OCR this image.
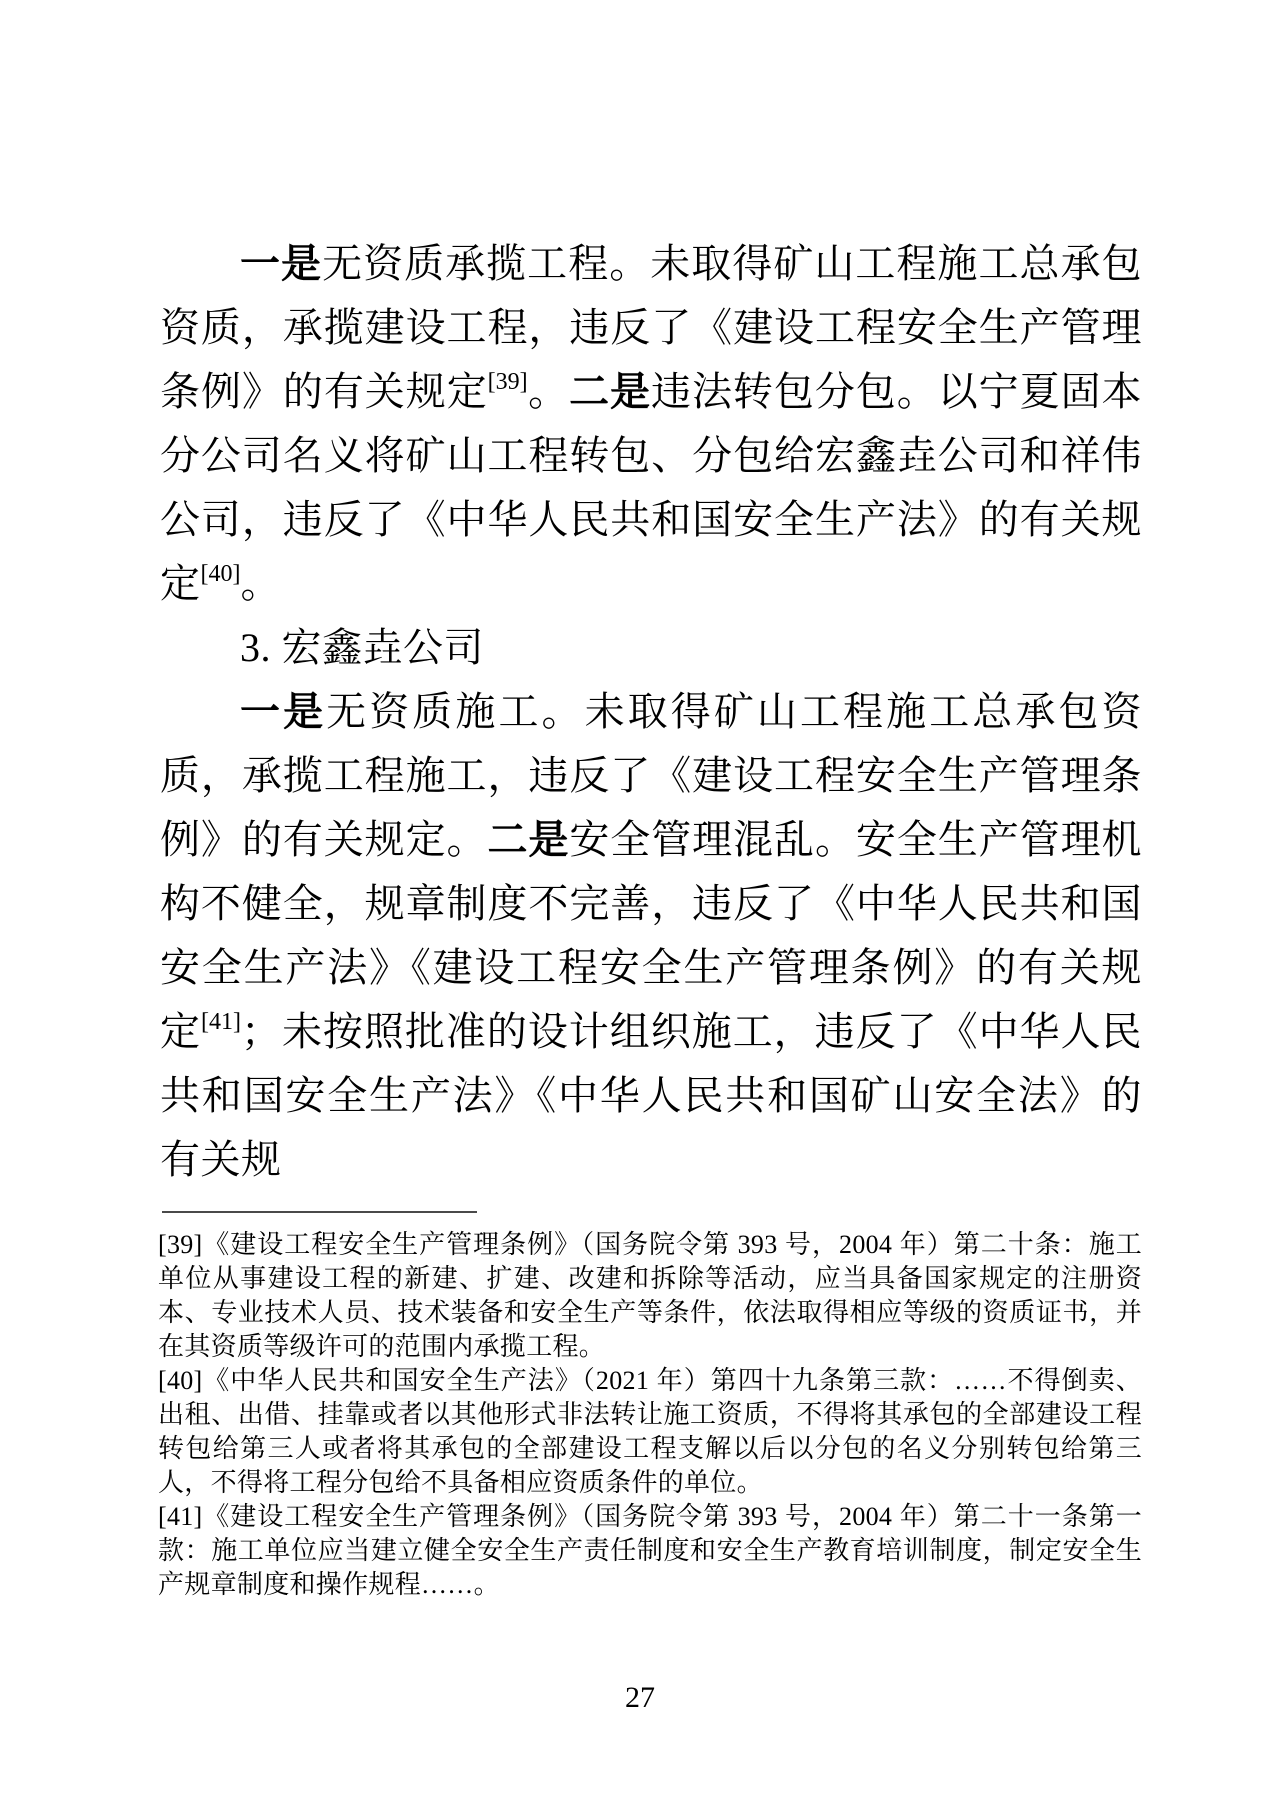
一是无资质承揽工程。未取得矿山工程施工总承包资质，承揽建设工程，违反了《建设工程安全生产管理条例》的有关规定[39]。二是违法转包分包。以宁夏固本分公司名义将矿山工程转包、分包给宏鑫垚公司和祥伟公司，违反了《中华人民共和国安全生产法》的有关规定[40]。

3. 宏鑫垚公司

一是无资质施工。未取得矿山工程施工总承包资质，承揽工程施工，违反了《建设工程安全生产管理条例》的有关规定。二是安全管理混乱。安全生产管理机构不健全，规章制度不完善，违反了《中华人民共和国安全生产法》《建设工程安全生产管理条例》的有关规定[41]；未按照批准的设计组织施工，违反了《中华人民共和国安全生产法》《中华人民共和国矿山安全法》的有关规

[39]《建设工程安全生产管理条例》（国务院令第 393 号，2004 年）第二十条：施工单位从事建设工程的新建、扩建、改建和拆除等活动，应当具备国家规定的注册资本、专业技术人员、技术装备和安全生产等条件，依法取得相应等级的资质证书，并在其资质等级许可的范围内承揽工程。

[40]《中华人民共和国安全生产法》（2021 年）第四十九条第三款：……不得倒卖、出租、出借、挂靠或者以其他形式非法转让施工资质，不得将其承包的全部建设工程转包给第三人或者将其承包的全部建设工程支解以后以分包的名义分别转包给第三人，不得将工程分包给不具备相应资质条件的单位。

[41]《建设工程安全生产管理条例》（国务院令第 393 号，2004 年）第二十一条第一款：施工单位应当建立健全安全生产责任制度和安全生产教育培训制度，制定安全生产规章制度和操作规程……。

27
